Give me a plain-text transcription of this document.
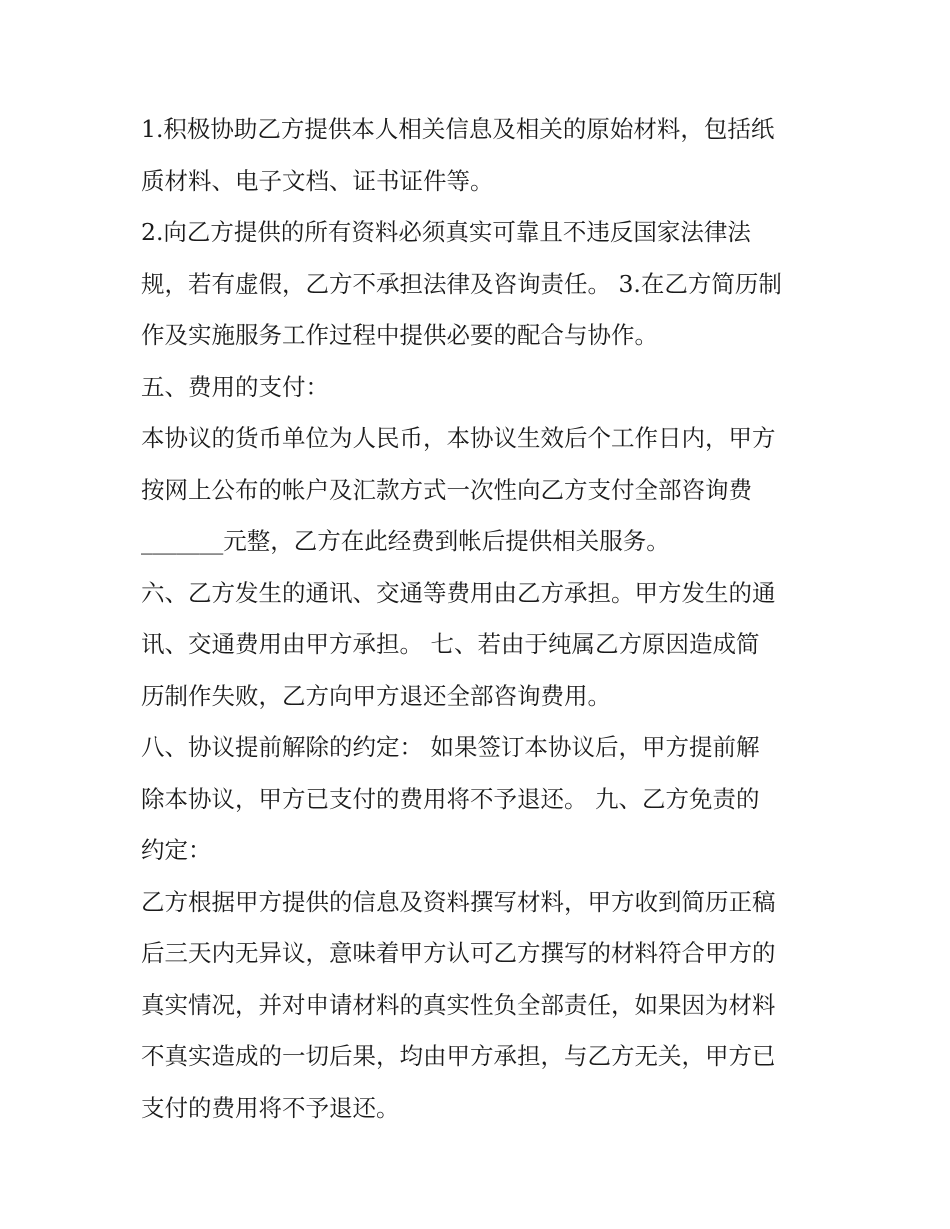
1.积极协助乙方提供本人相关信息及相关的原始材料，包括纸
质材料、电子文档、证书证件等。
2.向乙方提供的所有资料必须真实可靠且不违反国家法律法
规，若有虚假，乙方不承担法律及咨询责任。 3.在乙方简历制
作及实施服务工作过程中提供必要的配合与协作。
五、费用的支付：
本协议的货币单位为人民币，本协议生效后个工作日内，甲方
按网上公布的帐户及汇款方式一次性向乙方支付全部咨询费
_______元整，乙方在此经费到帐后提供相关服务。
六、乙方发生的通讯、交通等费用由乙方承担。甲方发生的通
讯、交通费用由甲方承担。 七、若由于纯属乙方原因造成简
历制作失败，乙方向甲方退还全部咨询费用。
八、协议提前解除的约定： 如果签订本协议后，甲方提前解
除本协议，甲方已支付的费用将不予退还。 九、乙方免责的
约定：
乙方根据甲方提供的信息及资料撰写材料，甲方收到简历正稿
后三天内无异议，意味着甲方认可乙方撰写的材料符合甲方的
真实情况，并对申请材料的真实性负全部责任，如果因为材料
不真实造成的一切后果，均由甲方承担，与乙方无关，甲方已
支付的费用将不予退还。
